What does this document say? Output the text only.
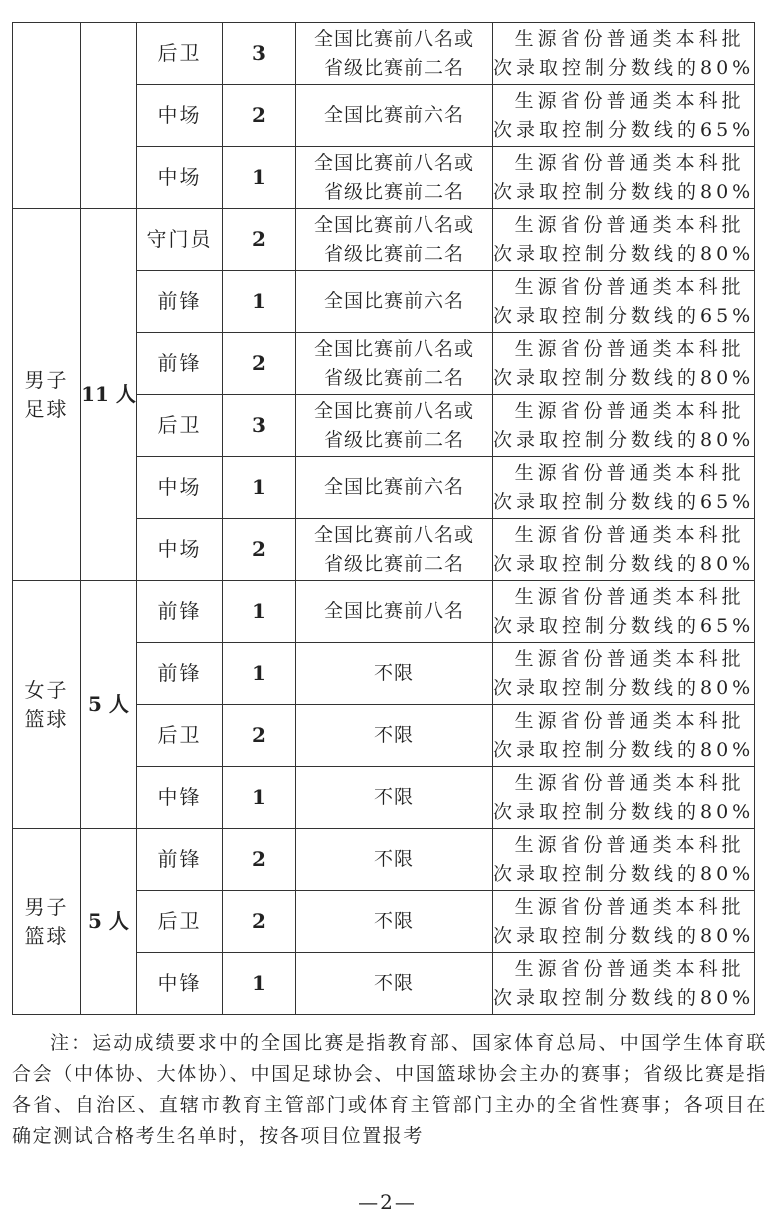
		后卫	3	全国比赛前八名或
省级比赛前二名	生源省份普通类本科批
次录取控制分数线的80%

		中场	2	全国比赛前六名	生源省份普通类本科批
次录取控制分数线的65%

		中场	1	全国比赛前八名或
省级比赛前二名	生源省份普通类本科批
次录取控制分数线的80%

男子
足球	11 人	守门员	2	全国比赛前八名或
省级比赛前二名	生源省份普通类本科批
次录取控制分数线的80%

		前锋	1	全国比赛前六名	生源省份普通类本科批
次录取控制分数线的65%

		前锋	2	全国比赛前八名或
省级比赛前二名	生源省份普通类本科批
次录取控制分数线的80%

		后卫	3	全国比赛前八名或
省级比赛前二名	生源省份普通类本科批
次录取控制分数线的80%

		中场	1	全国比赛前六名	生源省份普通类本科批
次录取控制分数线的65%

		中场	2	全国比赛前八名或
省级比赛前二名	生源省份普通类本科批
次录取控制分数线的80%

女子
篮球	5 人	前锋	1	全国比赛前八名	生源省份普通类本科批
次录取控制分数线的65%

		前锋	1	不限	生源省份普通类本科批
次录取控制分数线的80%

		后卫	2	不限	生源省份普通类本科批
次录取控制分数线的80%

		中锋	1	不限	生源省份普通类本科批
次录取控制分数线的80%

男子
篮球	5 人	前锋	2	不限	生源省份普通类本科批
次录取控制分数线的80%

		后卫	2	不限	生源省份普通类本科批
次录取控制分数线的80%

		中锋	1	不限	生源省份普通类本科批
次录取控制分数线的80%

注：运动成绩要求中的全国比赛是指教育部、国家体育总局、中国学生体育联合会（中体协、大体协）、中国足球协会、中国篮球协会主办的赛事；省级比赛是指各省、自治区、直辖市教育主管部门或体育主管部门主办的全省性赛事；各项目在确定测试合格考生名单时，按各项目位置报考

—2—
